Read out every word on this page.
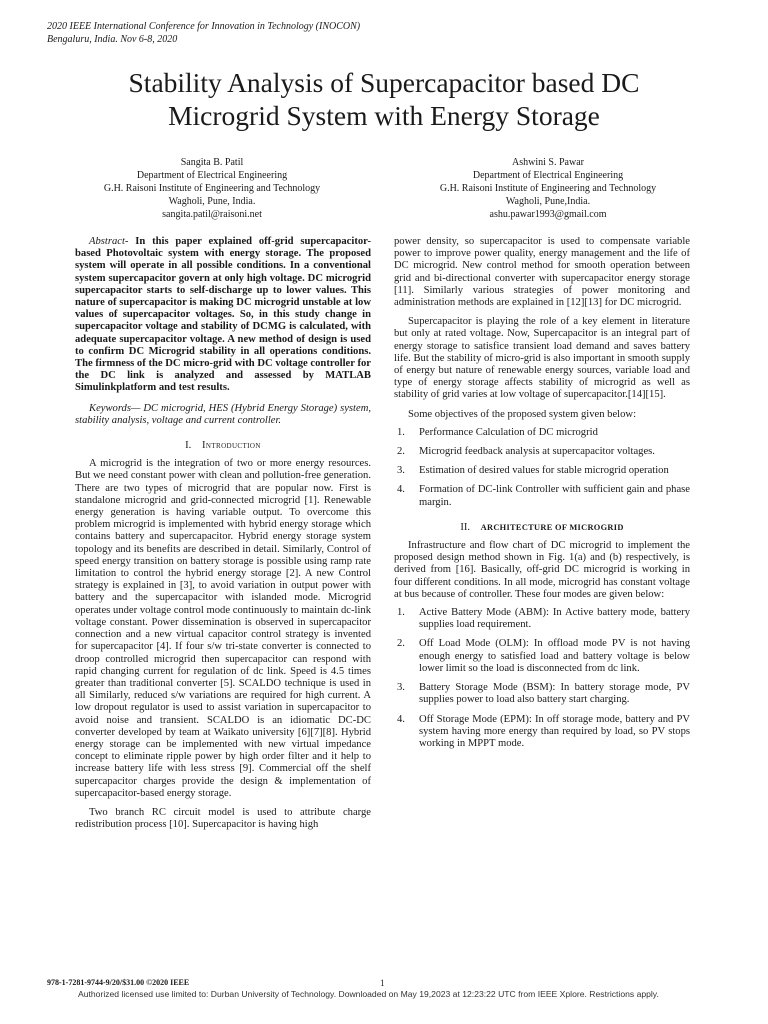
2020 IEEE International Conference for Innovation in Technology (INOCON)
Bengaluru, India. Nov 6-8, 2020
Stability Analysis of Supercapacitor based DC
Microgrid System with Energy Storage
Sangita B. Patil
Department of Electrical Engineering
G.H. Raisoni Institute of Engineering and Technology
Wagholi, Pune, India.
sangita.patil@raisoni.net
Ashwini S. Pawar
Department of Electrical Engineering
G.H. Raisoni Institute of Engineering and Technology
Wagholi, Pune,India.
ashu.pawar1993@gmail.com

Abstract- In this paper explained off-grid supercapacitor-based Photovoltaic system with energy storage. The proposed system will operate in all possible conditions. In a conventional system supercapacitor govern at only high voltage. DC microgrid supercapacitor starts to self-discharge up to lower values. This nature of supercapacitor is making DC microgrid unstable at low values of supercapacitor voltages. So, in this study change in supercapacitor voltage and stability of DCMG is calculated, with adequate supercapacitor voltage. A new method of design is used to confirm DC Microgrid stability in all operations conditions. The firmness of the DC micro-grid with DC voltage controller for the DC link is analyzed and assessed by MATLAB Simulinkplatform and test results.

Keywords— DC microgrid, HES (Hybrid Energy Storage) system, stability analysis, voltage and current controller.

I. Introduction

A microgrid is the integration of two or more energy resources. But we need constant power with clean and pollution-free generation. There are two types of microgrid that are popular now. First is standalone microgrid and grid-connected microgrid [1]. Renewable energy generation is having variable output. To overcome this problem microgrid is implemented with hybrid energy storage which contains battery and supercapacitor. Hybrid energy storage system topology and its benefits are described in detail. Similarly, Control of speed energy transition on battery storage is possible using ramp rate limitation to control the hybrid energy storage [2]. A new Control strategy is explained in [3], to avoid variation in output power with battery and the supercapacitor with islanded mode. Microgrid operates under voltage control mode continuously to maintain dc-link voltage constant. Power dissemination is observed in supercapacitor connection and a new virtual capacitor control strategy is invented for supercapacitor [4]. If four s/w tri-state converter is connected to droop controlled microgrid then supercapacitor can respond with rapid changing current for regulation of dc link. Speed is 4.5 times greater than traditional converter [5]. SCALDO technique is used in all Similarly, reduced s/w variations are required for high current. A low dropout regulator is used to assist variation in supercapacitor to avoid noise and transient. SCALDO is an idiomatic DC-DC converter developed by team at Waikato university [6][7][8]. Hybrid energy storage can be implemented with new virtual impedance concept to eliminate ripple power by high order filter and it help to increase battery life with less stress [9]. Commercial off the shelf supercapacitor charges provide the design & implementation of supercapacitor-based energy storage.

Two branch RC circuit model is used to attribute charge redistribution process [10]. Supercapacitor is having high

power density, so supercapacitor is used to compensate variable power to improve power quality, energy management and the life of DC microgrid. New control method for smooth operation between grid and bi-directional converter with supercapacitor energy storage [11]. Similarly various strategies of power monitoring and administration methods are explained in [12][13] for DC microgrid.

Supercapacitor is playing the role of a key element in literature but only at rated voltage. Now, Supercapacitor is an integral part of energy storage to satisfice transient load demand and saves battery life. But the stability of micro-grid is also important in smooth supply of energy but nature of renewable energy sources, variable load and type of energy storage affects stability of microgrid as well as stability of grid varies at low voltage of supercapacitor.[14][15].

Some objectives of the proposed system given below:

1. Performance Calculation of DC microgrid
2. Microgrid feedback analysis at supercapacitor voltages.
3. Estimation of desired values for stable microgrid operation
4. Formation of DC-link Controller with sufficient gain and phase margin.

II. ARCHITECTURE OF MICROGRID

Infrastructure and flow chart of DC microgrid to implement the proposed design method shown in Fig. 1(a) and (b) respectively, is derived from [16]. Basically, off-grid DC microgrid is working in four different conditions. In all mode, microgrid has constant voltage at bus because of controller. These four modes are given below:

1. Active Battery Mode (ABM): In Active battery mode, battery supplies load requirement.
2. Off Load Mode (OLM): In offload mode PV is not having enough energy to satisfied load and battery voltage is below lower limit so the load is disconnected from dc link.
3. Battery Storage Mode (BSM): In battery storage mode, PV supplies power to load also battery start charging.
4. Off Storage Mode (EPM): In off storage mode, battery and PV system having more energy than required by load, so PV stops working in MPPT mode.
978-1-7281-9744-9/20/$31.00 ©2020 IEEE	1
Authorized licensed use limited to: Durban University of Technology. Downloaded on May 19,2023 at 12:23:22 UTC from IEEE Xplore. Restrictions apply.
